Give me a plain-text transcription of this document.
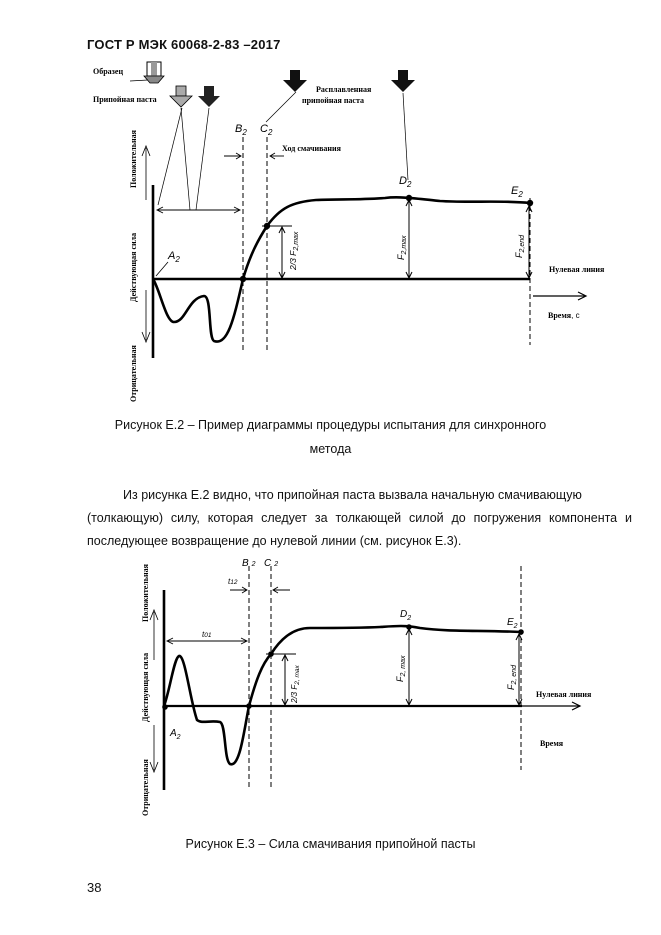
ГОСТ Р МЭК 60068-2-83 –2017
Образец
Припойная паста
Расплавленная
припойная паста
Положительная
Действующая сила
Отрицательная
Нулевая линия
Время, с
$B_2$ $C_2$
Ход смачивания
$A_2$
$D_2$
$E_2$
2/3 $F_{2,max}$
$F_{2,max}$
$F_{2,end}$
Рисунок Е.2 – Пример диаграммы процедуры испытания для синхронного
метода
Из рисунка Е.2 видно, что припойная паста вызвала начальную смачивающую
(толкающую) силу, которая следует за толкающей силой до погружения компонента и
последующее возвращение до нулевой линии (см. рисунок Е.3).
Положительная
Действующая сила
Отрицательная
Нулевая линия
Время
B 2 C 2
t12
t01
$A_2$
$D_2$	$E_2$
2/3 $F_{2, max}$	$F_{2, max}$
$F_{2, end}$
Рисунок Е.3 – Сила смачивания припойной пасты
38
